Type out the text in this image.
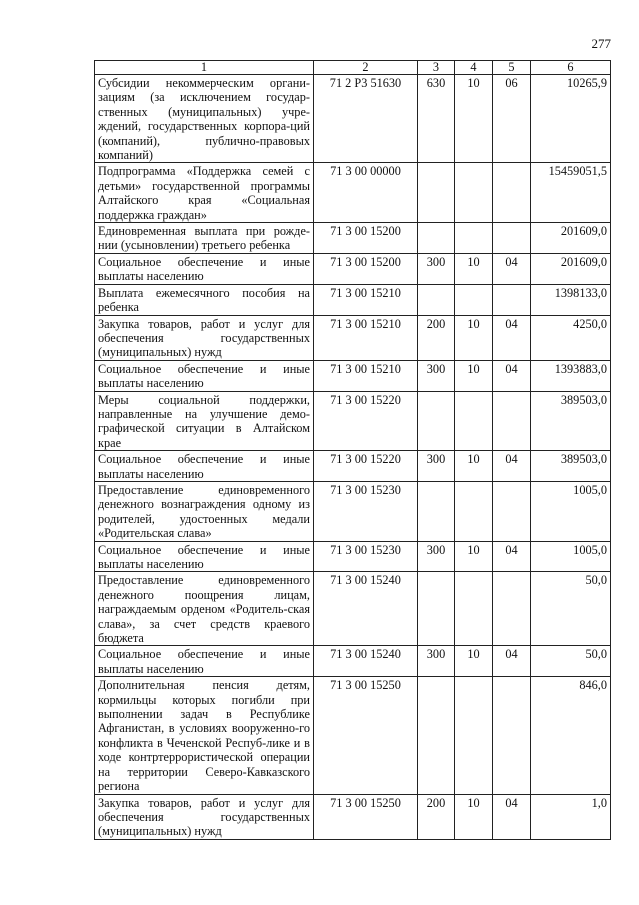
277
1	2	3	4	5	6
Субсидии некоммерческим органи-зациям (за исключением государ-ственных (муниципальных) учре-ждений, государственных корпора-ций (компаний), публично-правовых компаний)	71 2 P3 51630	630	10	06	10265,9
Подпрограмма «Поддержка семей с детьми» государственной программы Алтайского края «Социальная поддержка граждан»	71 3 00 00000				15459051,5
Единовременная выплата при рожде-нии (усыновлении) третьего ребенка	71 3 00 15200				201609,0
Социальное обеспечение и иные выплаты населению	71 3 00 15200	300	10	04	201609,0
Выплата ежемесячного пособия на ребенка	71 3 00 15210				1398133,0
Закупка товаров, работ и услуг для обеспечения государственных (муниципальных) нужд	71 3 00 15210	200	10	04	4250,0
Социальное обеспечение и иные выплаты населению	71 3 00 15210	300	10	04	1393883,0
Меры социальной поддержки, направленные на улучшение демо-графической ситуации в Алтайском крае	71 3 00 15220				389503,0
Социальное обеспечение и иные выплаты населению	71 3 00 15220	300	10	04	389503,0
Предоставление единовременного денежного вознаграждения одному из родителей, удостоенных медали «Родительская слава»	71 3 00 15230				1005,0
Социальное обеспечение и иные выплаты населению	71 3 00 15230	300	10	04	1005,0
Предоставление единовременного денежного поощрения лицам, награждаемым орденом «Родитель-ская слава», за счет средств краевого бюджета	71 3 00 15240				50,0
Социальное обеспечение и иные выплаты населению	71 3 00 15240	300	10	04	50,0
Дополнительная пенсия детям, кормильцы которых погибли при выполнении задач в Республике Афганистан, в условиях вооруженно-го конфликта в Чеченской Респуб-лике и в ходе контртеррористической операции на территории Северо-Кавказского региона	71 3 00 15250				846,0
Закупка товаров, работ и услуг для обеспечения государственных (муниципальных) нужд	71 3 00 15250	200	10	04	1,0
